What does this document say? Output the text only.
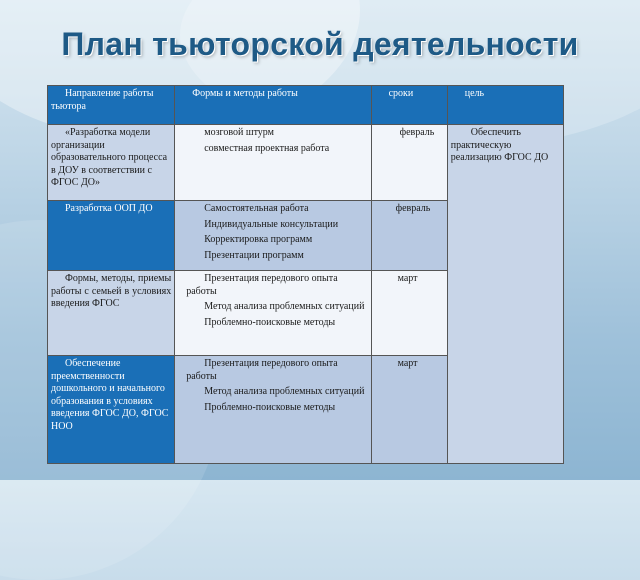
План тьюторской деятельности
Направление работы тьютора	Формы и методы работы	сроки	цель
«Разработка модели организации образовательного процесса в ДОУ в соответствии с ФГОС ДО»	мозговой штурм

совместная проектная работа	февраль	Обеспечить практическую реализацию ФГОС ДО
Разработка ООП ДО	Самостоятельная работа

Индивидуальные консультации

Корректировка программ

Презентации программ	февраль	
Формы, методы, приемы работы с семьей в условиях введения ФГОС	Презентация передового опыта работы

Метод анализа проблемных ситуаций

Проблемно-поисковые методы	март	
Обеспечение преемственности дошкольного и начального образования в условиях введения ФГОС ДО, ФГОС НОО	Презентация передового опыта работы

Метод анализа проблемных ситуаций

Проблемно-поисковые методы	март	
